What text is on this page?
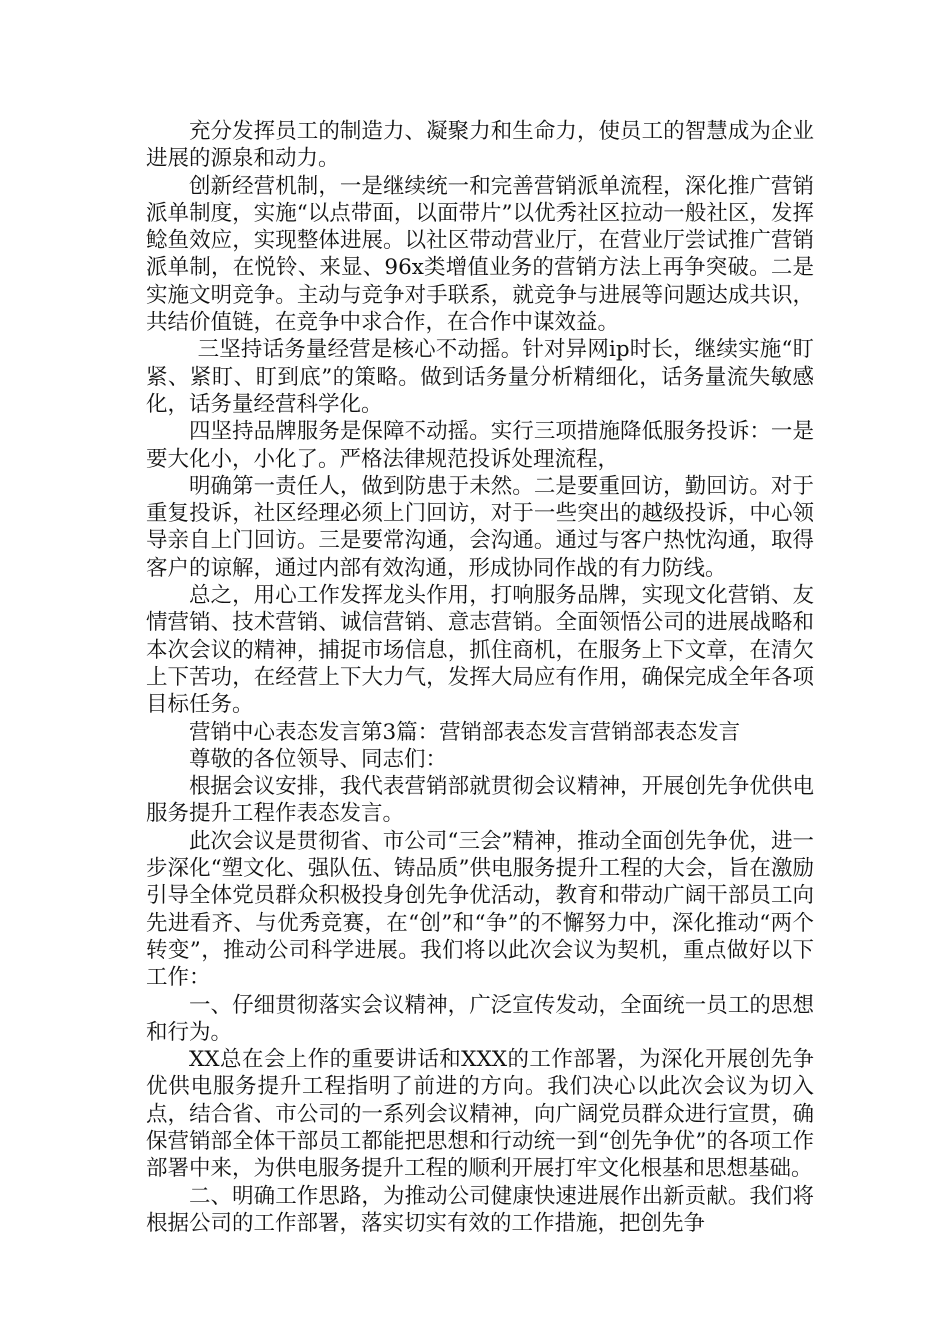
充分发挥员工的制造力、凝聚力和生命力，使员工的智慧成为企业进展的源泉和动力。

创新经营机制，一是继续统一和完善营销派单流程，深化推广营销派单制度，实施“以点带面，以面带片”以优秀社区拉动一般社区，发挥鲶鱼效应，实现整体进展。以社区带动营业厅，在营业厅尝试推广营销派单制，在悦铃、来显、96x类增值业务的营销方法上再争突破。二是实施文明竞争。主动与竞争对手联系，就竞争与进展等问题达成共识，共结价值链，在竞争中求合作，在合作中谋效益。

三坚持话务量经营是核心不动摇。针对异网ip时长，继续实施“盯紧、紧盯、盯到底”的策略。做到话务量分析精细化，话务量流失敏感化，话务量经营科学化。

四坚持品牌服务是保障不动摇。实行三项措施降低服务投诉：一是要大化小，小化了。严格法律规范投诉处理流程，

明确第一责任人，做到防患于未然。二是要重回访，勤回访。对于重复投诉，社区经理必须上门回访，对于一些突出的越级投诉，中心领导亲自上门回访。三是要常沟通，会沟通。通过与客户热忱沟通，取得客户的谅解，通过内部有效沟通，形成协同作战的有力防线。

总之，用心工作发挥龙头作用，打响服务品牌，实现文化营销、友情营销、技术营销、诚信营销、意志营销。全面领悟公司的进展战略和本次会议的精神，捕捉市场信息，抓住商机，在服务上下文章，在清欠上下苦功，在经营上下大力气，发挥大局应有作用，确保完成全年各项目标任务。

营销中心表态发言第3篇：营销部表态发言营销部表态发言

尊敬的各位领导、同志们：

根据会议安排，我代表营销部就贯彻会议精神，开展创先争优供电服务提升工程作表态发言。

此次会议是贯彻省、市公司“三会”精神，推动全面创先争优，进一步深化“塑文化、强队伍、铸品质”供电服务提升工程的大会，旨在激励引导全体党员群众积极投身创先争优活动，教育和带动广阔干部员工向先进看齐、与优秀竞赛，在“创”和“争”的不懈努力中，深化推动“两个转变”，推动公司科学进展。我们将以此次会议为契机，重点做好以下工作：

一、仔细贯彻落实会议精神，广泛宣传发动，全面统一员工的思想和行为。

XX总在会上作的重要讲话和XXX的工作部署，为深化开展创先争优供电服务提升工程指明了前进的方向。我们决心以此次会议为切入点，结合省、市公司的一系列会议精神，向广阔党员群众进行宣贯，确保营销部全体干部员工都能把思想和行动统一到“创先争优”的各项工作部署中来，为供电服务提升工程的顺利开展打牢文化根基和思想基础。

二、明确工作思路，为推动公司健康快速进展作出新贡献。我们将根据公司的工作部署，落实切实有效的工作措施，把创先争
